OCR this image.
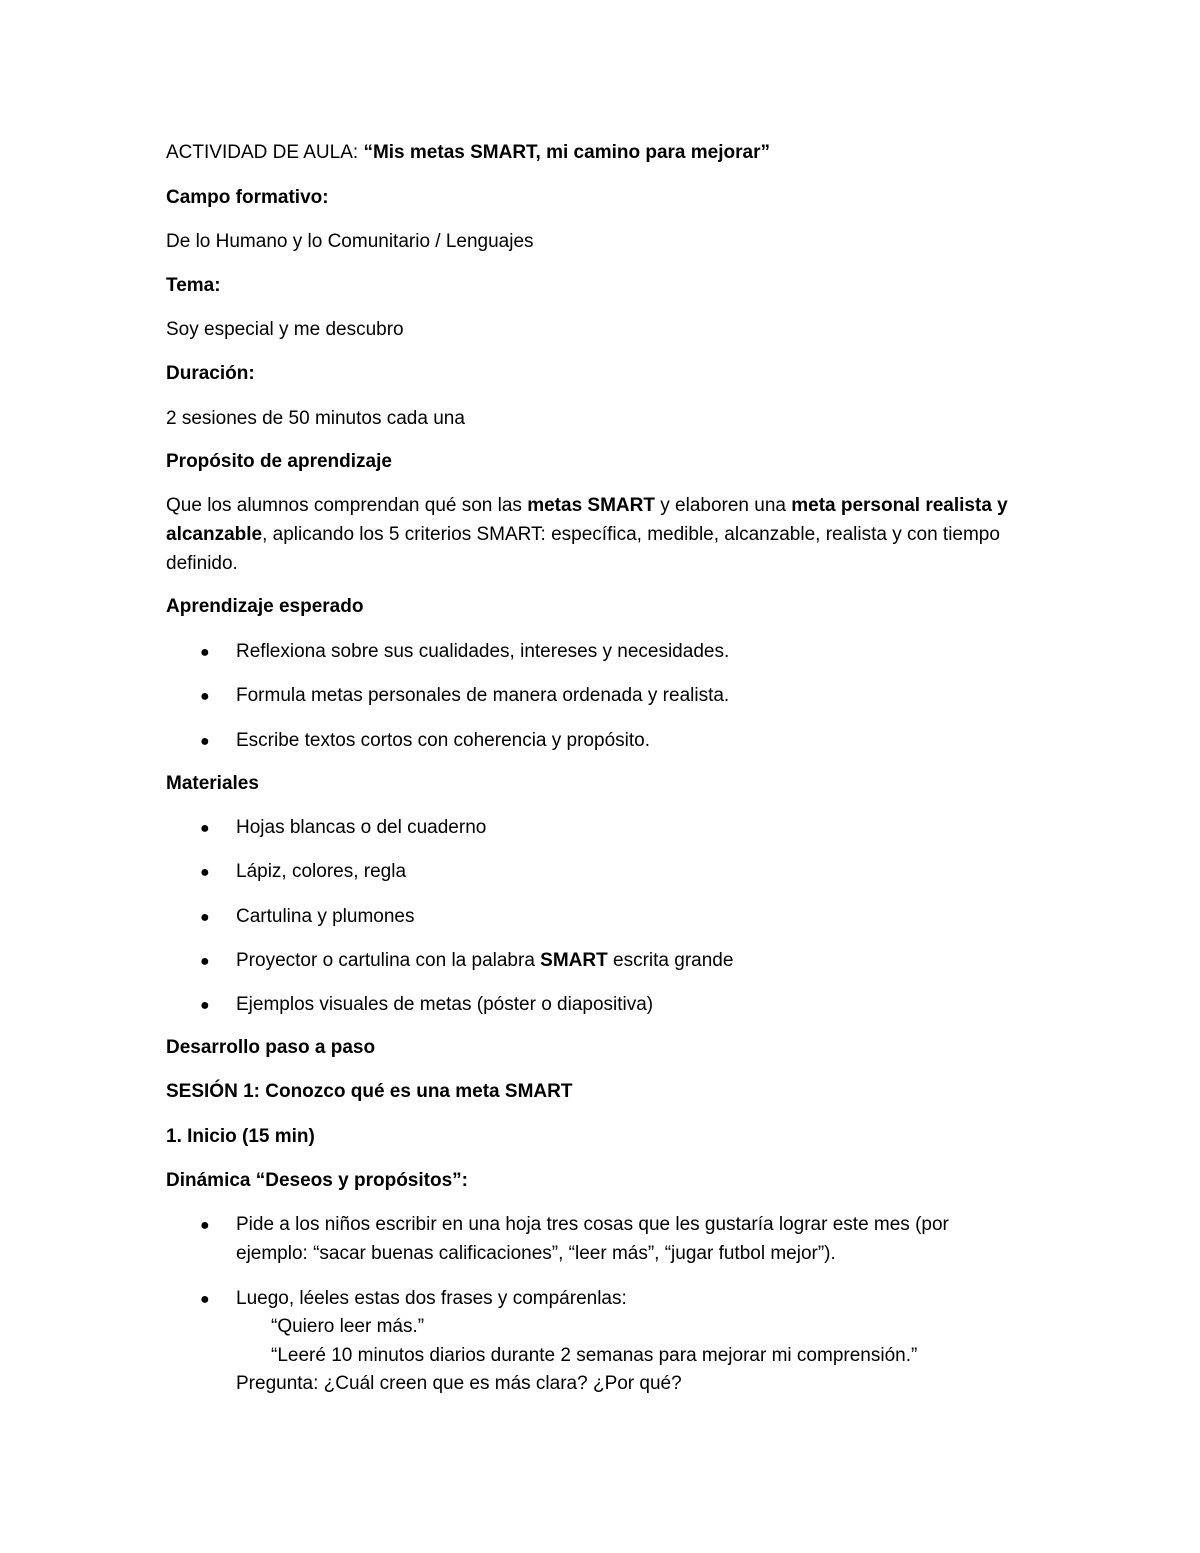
ACTIVIDAD DE AULA: “Mis metas SMART, mi camino para mejorar”

Campo formativo:

De lo Humano y lo Comunitario / Lenguajes

Tema:

Soy especial y me descubro

Duración:

2 sesiones de 50 minutos cada una

Propósito de aprendizaje

Que los alumnos comprendan qué son las metas SMART y elaboren una meta personal realista y

alcanzable, aplicando los 5 criterios SMART: específica, medible, alcanzable, realista y con tiempo

definido.

Aprendizaje esperado

● Reflexiona sobre sus cualidades, intereses y necesidades.
● Formula metas personales de manera ordenada y realista.
● Escribe textos cortos con coherencia y propósito.

Materiales

● Hojas blancas o del cuaderno
● Lápiz, colores, regla
● Cartulina y plumones
● Proyector o cartulina con la palabra SMART escrita grande
● Ejemplos visuales de metas (póster o diapositiva)

Desarrollo paso a paso

SESIÓN 1: Conozco qué es una meta SMART

1. Inicio (15 min)

Dinámica “Deseos y propósitos”:

● Pide a los niños escribir en una hoja tres cosas que les gustaría lograr este mes (por

ejemplo: “sacar buenas calificaciones”, “leer más”, “jugar futbol mejor”).

● Luego, léeles estas dos frases y compárenlas:

“Quiero leer más.”

“Leeré 10 minutos diarios durante 2 semanas para mejorar mi comprensión.”

Pregunta: ¿Cuál creen que es más clara? ¿Por qué?
